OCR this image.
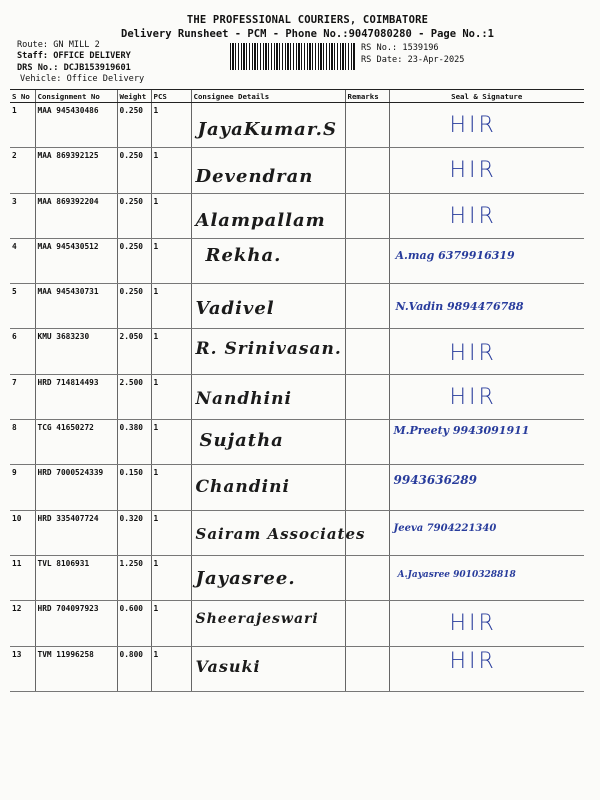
THE PROFESSIONAL COURIERS, COIMBATORE
Delivery Runsheet - PCM - Phone No.:9047080280 - Page No.:1
Route: GN MILL 2
Staff: OFFICE DELIVERY
DRS No.: DCJB153919601
Vehicle: Office Delivery
RS No.: 1539196
RS Date: 23-Apr-2025
S No	Consignment No	Weight	PCS	Consignee Details	Remarks	Seal & Signature
1	MAA 945430486	0.250	1	JayaKumar.S		HIR

2	MAA 869392125	0.250	1	Devendran		HIR

3	MAA 869392204	0.250	1	Alampallam		HIR

4	MAA 945430512	0.250	1	Rekha.		A.mag 6379916319

5	MAA 945430731	0.250	1	Vadivel		N.Vadin 9894476788

6	KMU 3683230	2.050	1	R. Srinivasan.		HIR

7	HRD 714814493	2.500	1	Nandhini		HIR

8	TCG 41650272	0.380	1	Sujatha		M.Preety 9943091911

9	HRD 7000524339	0.150	1	Chandini		9943636289

10	HRD 335407724	0.320	1	Sairam Associates		Jeeva 7904221340

11	TVL 8106931	1.250	1	Jayasree.		A.Jayasree 9010328818

12	HRD 704097923	0.600	1	Sheerajeswari		HIR

13	TVM 11996258	0.800	1	Vasuki		HIR
